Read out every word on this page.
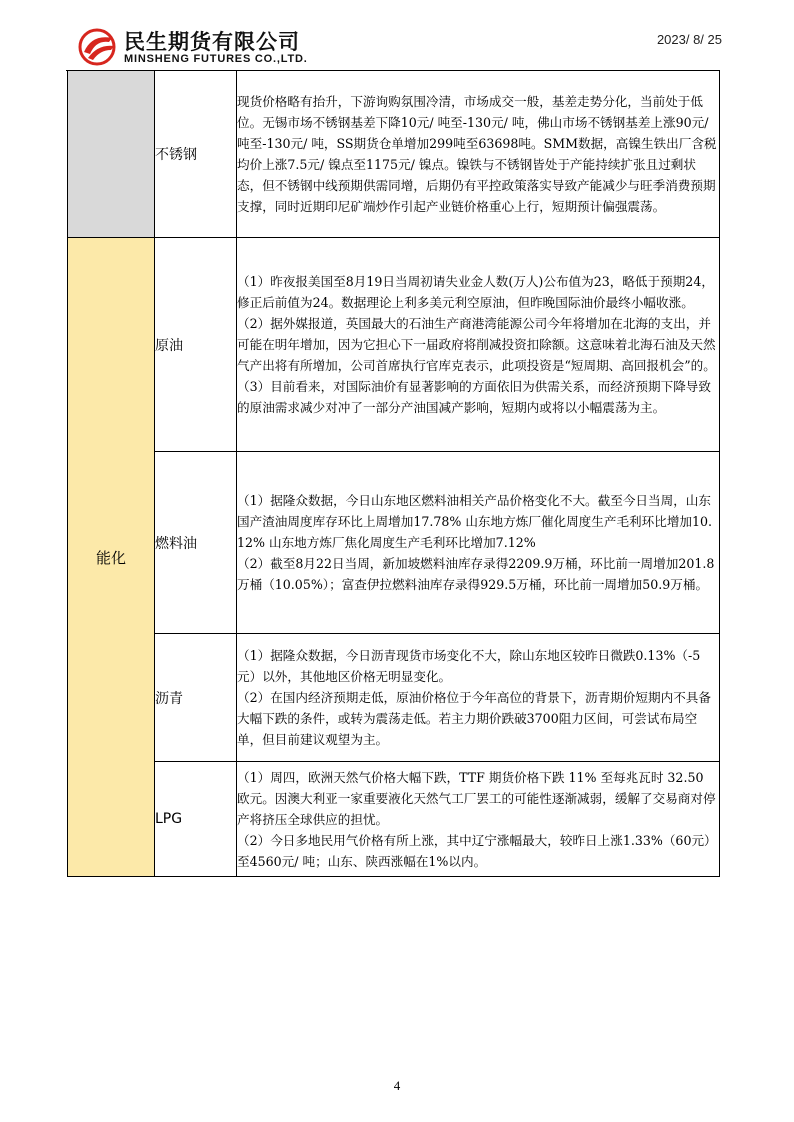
民生期货有限公司
MINSHENG FUTURES CO.,LTD.
2023/ 8/ 25
	不锈钢	现货价格略有抬升，下游询购氛围冷清，市场成交一般，基差走势分化，当前处于低位。无锡市场不锈钢基差下降10元/ 吨至-130元/ 吨，佛山市场不锈钢基差上涨90元/ 吨至-130元/ 吨，SS期货仓单增加299吨至63698吨。SMM数据，高镍生铁出厂含税均价上涨7.5元/ 镍点至1175元/ 镍点。镍铁与不锈钢皆处于产能持续扩张且过剩状态，但不锈钢中线预期供需同增，后期仍有平控政策落实导致产能减少与旺季消费预期支撑，同时近期印尼矿端炒作引起产业链价格重心上行，短期预计偏强震荡。

能化	原油	（1）昨夜报美国至8月19日当周初请失业金人数(万人)公布值为23，略低于预期24，修正后前值为24。数据理论上利多美元利空原油，但昨晚国际油价最终小幅收涨。

（2）据外媒报道，英国最大的石油生产商港湾能源公司今年将增加在北海的支出，并可能在明年增加，因为它担心下一届政府将削减投资扣除额。这意味着北海石油及天然气产出将有所增加，公司首席执行官库克表示，此项投资是“短周期、高回报机会”的。

（3）目前看来，对国际油价有显著影响的方面依旧为供需关系，而经济预期下降导致的原油需求减少对冲了一部分产油国减产影响，短期内或将以小幅震荡为主。

	燃料油	（1）据隆众数据，今日山东地区燃料油相关产品价格变化不大。截至今日当周，山东国产渣油周度库存环比上周增加17.78% 山东地方炼厂催化周度生产毛利环比增加10.12% 山东地方炼厂焦化周度生产毛利环比增加7.12%

（2）截至8月22日当周，新加坡燃料油库存录得2209.9万桶，环比前一周增加201.8万桶（10.05%）；富查伊拉燃料油库存录得929.5万桶，环比前一周增加50.9万桶。

	沥青	（1）据隆众数据，今日沥青现货市场变化不大，除山东地区较昨日微跌0.13%（-5元）以外，其他地区价格无明显变化。

（2）在国内经济预期走低，原油价格位于今年高位的背景下，沥青期价短期内不具备大幅下跌的条件，或转为震荡走低。若主力期价跌破3700阻力区间，可尝试布局空单，但目前建议观望为主。

	LPG	（1）周四，欧洲天然气价格大幅下跌，TTF 期货价格下跌 11% 至每兆瓦时 32.50 欧元。因澳大利亚一家重要液化天然气工厂罢工的可能性逐渐减弱，缓解了交易商对停产将挤压全球供应的担忧。

（2）今日多地民用气价格有所上涨，其中辽宁涨幅最大，较昨日上涨1.33%（60元）至4560元/ 吨；山东、陕西涨幅在1%以内。

4
